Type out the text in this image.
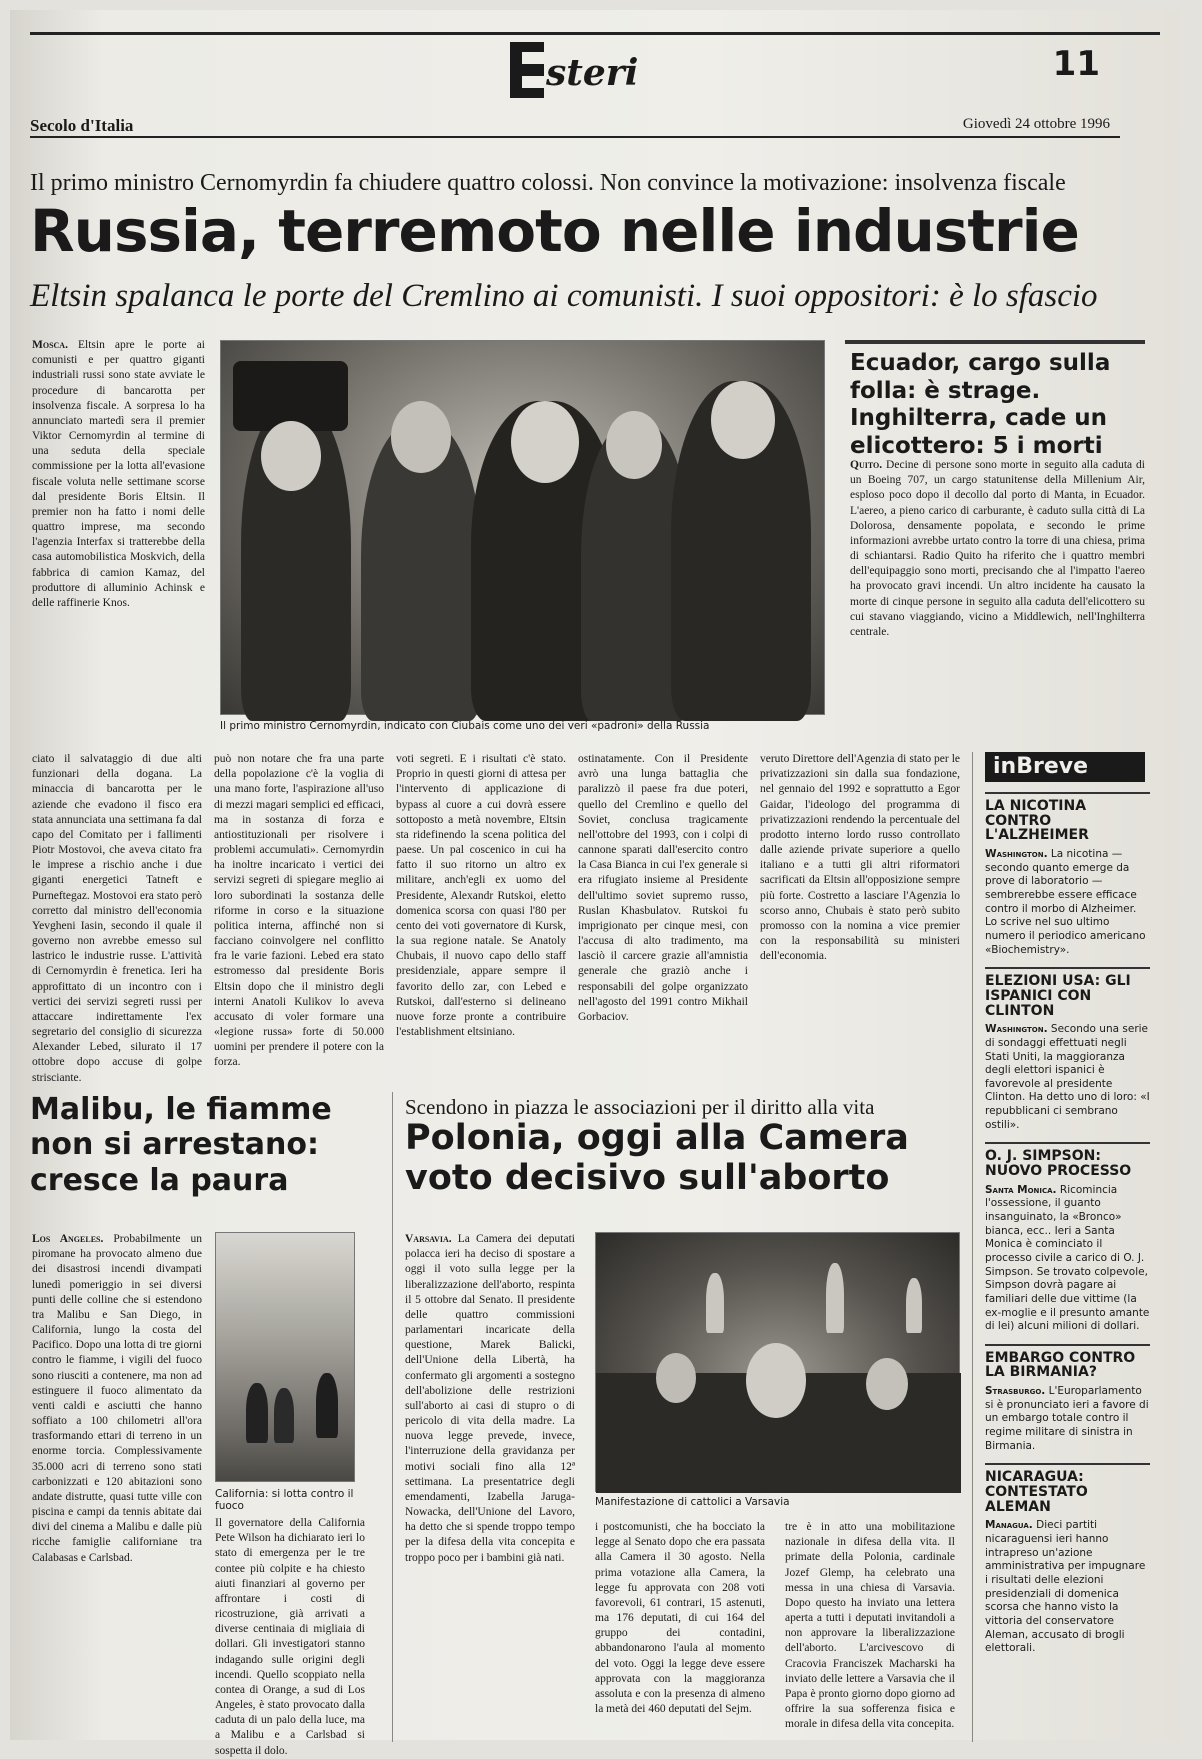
steri	11
Secolo d'Italia	Giovedì 24 ottobre 1996
Il primo ministro Cernomyrdin fa chiudere quattro colossi. Non convince la motivazione: insolvenza fiscale
Russia, terremoto nelle industrie
Eltsin spalanca le porte del Cremlino ai comunisti. I suoi oppositori: è lo sfascio
Mosca. Eltsin apre le porte ai comunisti e per quattro giganti industriali russi sono state avviate le procedure di bancarotta per insolvenza fiscale. A sorpresa lo ha annunciato martedì sera il premier Viktor Cernomyrdin al termine di una seduta della speciale commissione per la lotta all'evasione fiscale voluta nelle settimane scorse dal presidente Boris Eltsin. Il premier non ha fatto i nomi delle quattro imprese, ma secondo l'agenzia Interfax si tratterebbe della casa automobilistica Moskvich, della fabbrica di camion Kamaz, del produttore di alluminio Achinsk e delle raffinerie Knos.
Il primo ministro Cernomyrdin, indicato con Ciubais come uno dei veri «padroni» della Russia
Ecuador, cargo sulla folla: è strage. Inghilterra, cade un elicottero: 5 i morti
Quito. Decine di persone sono morte in seguito alla caduta di un Boeing 707, un cargo statunitense della Millenium Air, esploso poco dopo il decollo dal porto di Manta, in Ecuador. L'aereo, a pieno carico di carburante, è caduto sulla città di La Dolorosa, densamente popolata, e secondo le prime informazioni avrebbe urtato contro la torre di una chiesa, prima di schiantarsi. Radio Quito ha riferito che i quattro membri dell'equipaggio sono morti, precisando che al l'impatto l'aereo ha provocato gravi incendi. Un altro incidente ha causato la morte di cinque persone in seguito alla caduta dell'elicottero su cui stavano viaggiando, vicino a Middlewich, nell'Inghilterra centrale.
ciato il salvataggio di due alti funzionari della dogana. La minaccia di bancarotta per le aziende che evadono il fisco era stata annunciata una settimana fa dal capo del Comitato per i fallimenti Piotr Mostovoi, che aveva citato fra le imprese a rischio anche i due giganti energetici Tatneft e Purneftegaz. Mostovoi era stato però corretto dal ministro dell'economia Yevgheni Iasin, secondo il quale il governo non avrebbe emesso sul lastrico le industrie russe. L'attività di Cernomyrdin è frenetica. Ieri ha approfittato di un incontro con i vertici dei servizi segreti russi per attaccare indirettamente l'ex segretario del consiglio di sicurezza Alexander Lebed, silurato il 17 ottobre dopo accuse di golpe strisciante.
può non notare che fra una parte della popolazione c'è la voglia di una mano forte, l'aspirazione all'uso di mezzi magari semplici ed efficaci, ma in sostanza di forza e antiostituzionali per risolvere i problemi accumulati». Cernomyrdin ha inoltre incaricato i vertici dei servizi segreti di spiegare meglio ai loro subordinati la sostanza delle riforme in corso e la situazione politica interna, affinché non si facciano coinvolgere nel conflitto fra le varie fazioni. Lebed era stato estromesso dal presidente Boris Eltsin dopo che il ministro degli interni Anatoli Kulikov lo aveva accusato di voler formare una «legione russa» forte di 50.000 uomini per prendere il potere con la forza.
voti segreti. E i risultati c'è stato. Proprio in questi giorni di attesa per l'intervento di applicazione di bypass al cuore a cui dovrà essere sottoposto a metà novembre, Eltsin sta ridefinendo la scena politica del paese. Un pal coscenico in cui ha fatto il suo ritorno un altro ex militare, anch'egli ex uomo del Presidente, Alexandr Rutskoi, eletto domenica scorsa con quasi l'80 per cento dei voti governatore di Kursk, la sua regione natale. Se Anatoly Chubais, il nuovo capo dello staff presidenziale, appare sempre il favorito dello zar, con Lebed e Rutskoi, dall'esterno si delineano nuove forze pronte a contribuire l'establishment eltsiniano.
ostinatamente. Con il Presidente avrò una lunga battaglia che paralizzò il paese fra due poteri, quello del Cremlino e quello del Soviet, conclusa tragicamente nell'ottobre del 1993, con i colpi di cannone sparati dall'esercito contro la Casa Bianca in cui l'ex generale si era rifugiato insieme al Presidente dell'ultimo soviet supremo russo, Ruslan Khasbulatov. Rutskoi fu imprigionato per cinque mesi, con l'accusa di alto tradimento, ma lasciò il carcere grazie all'amnistia generale che graziò anche i responsabili del golpe organizzato nell'agosto del 1991 contro Mikhail Gorbaciov.
veruto Direttore dell'Agenzia di stato per le privatizzazioni sin dalla sua fondazione, nel gennaio del 1992 e soprattutto a Egor Gaidar, l'ideologo del programma di privatizzazioni rendendo la percentuale del prodotto interno lordo russo controllato dalle aziende private superiore a quello italiano e a tutti gli altri riformatori sacrificati da Eltsin all'opposizione sempre più forte. Costretto a lasciare l'Agenzia lo scorso anno, Chubais è stato però subito promosso con la nomina a vice premier con la responsabilità su ministeri dell'economia.
inBreve
LA NICOTINA CONTRO L'ALZHEIMER
Washington. La nicotina — secondo quanto emerge da prove di laboratorio — sembrerebbe essere efficace contro il morbo di Alzheimer. Lo scrive nel suo ultimo numero il periodico americano «Biochemistry».
ELEZIONI USA: GLI ISPANICI CON CLINTON
Washington. Secondo una serie di sondaggi effettuati negli Stati Uniti, la maggioranza degli elettori ispanici è favorevole al presidente Clinton. Ha detto uno di loro: «I repubblicani ci sembrano ostili».
O. J. SIMPSON: NUOVO PROCESSO
Santa Monica. Ricomincia l'ossessione, il guanto insanguinato, la «Bronco» bianca, ecc.. Ieri a Santa Monica è cominciato il processo civile a carico di O. J. Simpson. Se trovato colpevole, Simpson dovrà pagare ai familiari delle due vittime (la ex-moglie e il presunto amante di lei) alcuni milioni di dollari.
EMBARGO CONTRO LA BIRMANIA?
Strasburgo. L'Europarlamento si è pronunciato ieri a favore di un embargo totale contro il regime militare di sinistra in Birmania.
NICARAGUA: CONTESTATO ALEMAN
Managua. Dieci partiti nicaraguensi ieri hanno intrapreso un'azione amministrativa per impugnare i risultati delle elezioni presidenziali di domenica scorsa che hanno visto la vittoria del conservatore Aleman, accusato di brogli elettorali.
Malibu, le fiamme non si arrestano: cresce la paura
Los Angeles. Probabilmente un piromane ha provocato almeno due dei disastrosi incendi divampati lunedì pomeriggio in sei diversi punti delle colline che si estendono tra Malibu e San Diego, in California, lungo la costa del Pacifico. Dopo una lotta di tre giorni contro le fiamme, i vigili del fuoco sono riusciti a contenere, ma non ad estinguere il fuoco alimentato da venti caldi e asciutti che hanno soffiato a 100 chilometri all'ora trasformando ettari di terreno in un enorme torcia. Complessivamente 35.000 acri di terreno sono stati carbonizzati e 120 abitazioni sono andate distrutte, quasi tutte ville con piscina e campi da tennis abitate dai divi del cinema a Malibu e dalle più ricche famiglie californiane tra Calabasas e Carlsbad.
California: si lotta contro il fuoco
Il governatore della California Pete Wilson ha dichiarato ieri lo stato di emergenza per le tre contee più colpite e ha chiesto aiuti finanziari al governo per affrontare i costi di ricostruzione, già arrivati a diverse centinaia di migliaia di dollari. Gli investigatori stanno indagando sulle origini degli incendi. Quello scoppiato nella contea di Orange, a sud di Los Angeles, è stato provocato dalla caduta di un palo della luce, ma a Malibu e a Carlsbad si sospetta il dolo.
Scendono in piazza le associazioni per il diritto alla vita
Polonia, oggi alla Camera voto decisivo sull'aborto
Varsavia. La Camera dei deputati polacca ieri ha deciso di spostare a oggi il voto sulla legge per la liberalizzazione dell'aborto, respinta il 5 ottobre dal Senato. Il presidente delle quattro commissioni parlamentari incaricate della questione, Marek Balicki, dell'Unione della Libertà, ha confermato gli argomenti a sostegno dell'abolizione delle restrizioni sull'aborto ai casi di stupro o di pericolo di vita della madre. La nuova legge prevede, invece, l'interruzione della gravidanza per motivi sociali fino alla 12ª settimana. La presentatrice degli emendamenti, Izabella Jaruga-Nowacka, dell'Unione del Lavoro, ha detto che si spende troppo tempo per la difesa della vita concepita e troppo poco per i bambini già nati.
Manifestazione di cattolici a Varsavia
i postcomunisti, che ha bocciato la legge al Senato dopo che era passata alla Camera il 30 agosto. Nella prima votazione alla Camera, la legge fu approvata con 208 voti favorevoli, 61 contrari, 15 astenuti, ma 176 deputati, di cui 164 del gruppo dei contadini, abbandonarono l'aula al momento del voto. Oggi la legge deve essere approvata con la maggioranza assoluta e con la presenza di almeno la metà dei 460 deputati del Sejm.
tre è in atto una mobilitazione nazionale in difesa della vita. Il primate della Polonia, cardinale Jozef Glemp, ha celebrato una messa in una chiesa di Varsavia. Dopo questo ha inviato una lettera aperta a tutti i deputati invitandoli a non approvare la liberalizzazione dell'aborto. L'arcivescovo di Cracovia Franciszek Macharski ha inviato delle lettere a Varsavia che il Papa è pronto giorno dopo giorno ad offrire la sua sofferenza fisica e morale in difesa della vita concepita.
